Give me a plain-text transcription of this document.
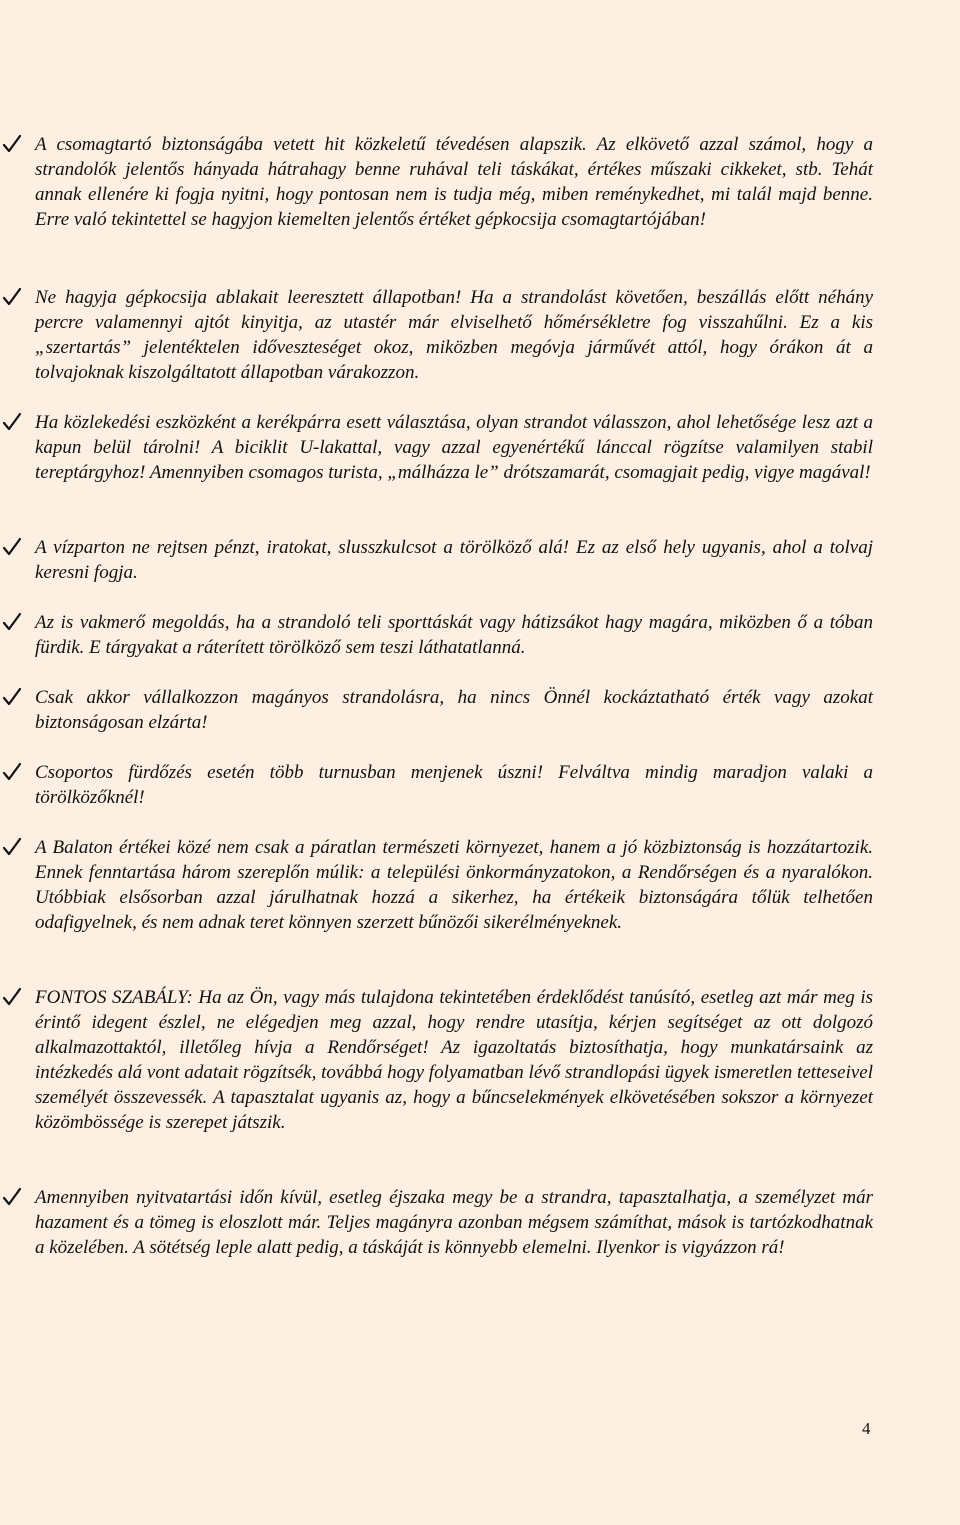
A csomagtartó biztonságába vetett hit közkeletű tévedésen alapszik. Az elkövető azzal számol, hogy a strandolók jelentős hányada hátrahagy benne ruhával teli táskákat, értékes műszaki cikkeket, stb. Tehát annak ellenére ki fogja nyitni, hogy pontosan nem is tudja még, miben reménykedhet, mi talál majd benne. Erre való tekintettel se hagyjon kiemelten jelentős értéket gépkocsija csomagtartójában!

Ne hagyja gépkocsija ablakait leeresztett állapotban! Ha a strandolást követően, beszállás előtt néhány percre valamennyi ajtót kinyitja, az utastér már elviselhető hőmérsékletre fog visszahűlni. Ez a kis „szertartás” jelentéktelen időveszteséget okoz, miközben megóvja járművét attól, hogy órákon át a tolvajoknak kiszolgáltatott állapotban várakozzon.

Ha közlekedési eszközként a kerékpárra esett választása, olyan strandot válasszon, ahol lehetősége lesz azt a kapun belül tárolni! A biciklit U-lakattal, vagy azzal egyenértékű lánccal rögzítse valamilyen stabil tereptárgyhoz! Amennyiben csomagos turista, „málházza le” drótszamarát, csomagjait pedig, vigye magával!

A vízparton ne rejtsen pénzt, iratokat, slusszkulcsot a törölköző alá! Ez az első hely ugyanis, ahol a tolvaj keresni fogja.

Az is vakmerő megoldás, ha a strandoló teli sporttáskát vagy hátizsákot hagy magára, miközben ő a tóban fürdik. E tárgyakat a ráterített törölköző sem teszi láthatatlanná.

Csak akkor vállalkozzon magányos strandolásra, ha nincs Önnél kockáztatható érték vagy azokat biztonságosan elzárta!

Csoportos fürdőzés esetén több turnusban menjenek úszni! Felváltva mindig maradjon valaki a törölközőknél!

A Balaton értékei közé nem csak a páratlan természeti környezet, hanem a jó közbiztonság is hozzátartozik. Ennek fenntartása három szereplőn múlik: a települési önkormányzatokon, a Rendőrségen és a nyaralókon. Utóbbiak elsősorban azzal járulhatnak hozzá a sikerhez, ha értékeik biztonságára tőlük telhetően odafigyelnek, és nem adnak teret könnyen szerzett bűnözői sikerélményeknek.

FONTOS SZABÁLY: Ha az Ön, vagy más tulajdona tekintetében érdeklődést tanúsító, esetleg azt már meg is érintő idegent észlel, ne elégedjen meg azzal, hogy rendre utasítja, kérjen segítséget az ott dolgozó alkalmazottaktól, illetőleg hívja a Rendőrséget! Az igazoltatás biztosíthatja, hogy munkatársaink az intézkedés alá vont adatait rögzítsék, továbbá hogy folyamatban lévő strandlopási ügyek ismeretlen tetteseivel személyét összevessék. A tapasztalat ugyanis az, hogy a bűncselekmények elkövetésében sokszor a környezet közömbössége is szerepet játszik.

Amennyiben nyitvatartási időn kívül, esetleg éjszaka megy be a strandra, tapasztalhatja, a személyzet már hazament és a tömeg is eloszlott már. Teljes magányra azonban mégsem számíthat, mások is tartózkodhatnak a közelében. A sötétség leple alatt pedig, a táskáját is könnyebb elemelni. Ilyenkor is vigyázzon rá!

4
